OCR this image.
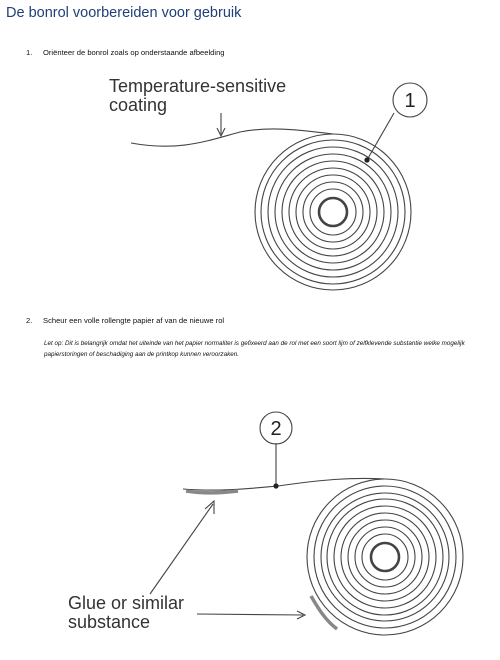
De bonrol voorbereiden voor gebruik
1. Oriënteer de bonrol zoals op onderstaande afbeelding
Temperature-sensitive
coating	1
2. Scheur een volle rollengte papier af van de nieuwe rol

Let op: Dit is belangrijk omdat het uiteinde van het papier normaliter is gefixeerd aan de rol met een soort lijm of zelfklevende substantie welke mogelijk papierstoringen of beschadiging aan de printkop kunnen veroorzaken.

Glue or similar
substance
2
